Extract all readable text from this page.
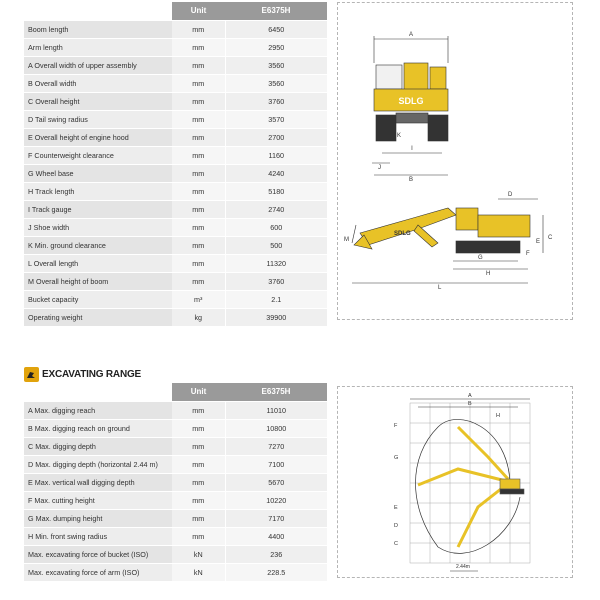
	Unit	E6375H
Boom length	mm	6450
Arm length	mm	2950
A Overall width of upper assembly	mm	3560
B Overall width	mm	3560
C Overall height	mm	3760
D Tail swing radius	mm	3570
E Overall height of engine hood	mm	2700
F Counterweight clearance	mm	1160
G Wheel base	mm	4240
H Track length	mm	5180
I Track gauge	mm	2740
J Shoe width	mm	600
K Min. ground clearance	mm	500
L Overall length	mm	11320
M Overall height of boom	mm	3760
Bucket capacity	m³	2.1
Operating weight	kg	39900
SDLG
A
B
I
J
K
SDLG
D
C
E
F
G
H
L
M
EXCAVATING RANGE
	Unit	E6375H
A Max. digging reach	mm	11010
B Max. digging reach on ground	mm	10800
C Max. digging depth	mm	7270
D Max. digging depth (horizontal 2.44 m)	mm	7100
E Max. vertical wall digging depth	mm	5670
F Max. cutting height	mm	10220
G Max. dumping height	mm	7170
H Min. front swing radius	mm	4400
Max. excavating force of bucket (ISO)	kN	236
Max. excavating force of arm (ISO)	kN	228.5
A
B
F
G
E
D
C
H
2.44m
